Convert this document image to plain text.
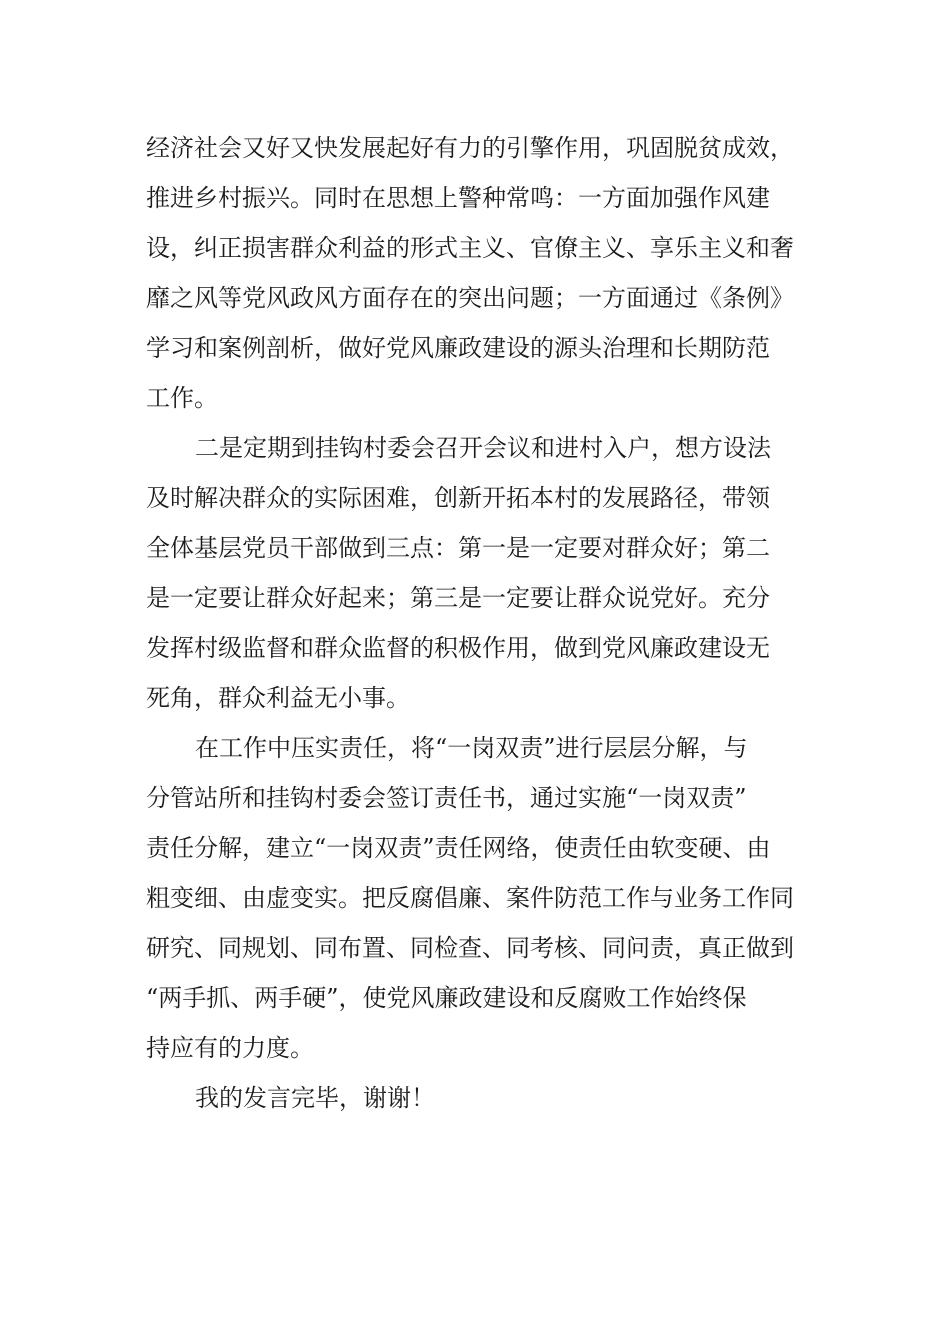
经济社会又好又快发展起好有力的引擎作用，巩固脱贫成效，
推进乡村振兴。同时在思想上警种常鸣：一方面加强作风建
设，纠正损害群众利益的形式主义、官僚主义、享乐主义和奢
靡之风等党风政风方面存在的突出问题；一方面通过《条例》
学习和案例剖析，做好党风廉政建设的源头治理和长期防范
工作。
二是定期到挂钩村委会召开会议和进村入户，想方设法
及时解决群众的实际困难，创新开拓本村的发展路径，带领
全体基层党员干部做到三点：第一是一定要对群众好；第二
是一定要让群众好起来；第三是一定要让群众说党好。充分
发挥村级监督和群众监督的积极作用，做到党风廉政建设无
死角，群众利益无小事。
在工作中压实责任，将“一岗双责”进行层层分解，与
分管站所和挂钩村委会签订责任书，通过实施“一岗双责”
责任分解，建立“一岗双责”责任网络，使责任由软变硬、由
粗变细、由虚变实。把反腐倡廉、案件防范工作与业务工作同
研究、同规划、同布置、同检查、同考核、同问责，真正做到
“两手抓、两手硬”，使党风廉政建设和反腐败工作始终保
持应有的力度。
我的发言完毕，谢谢！
